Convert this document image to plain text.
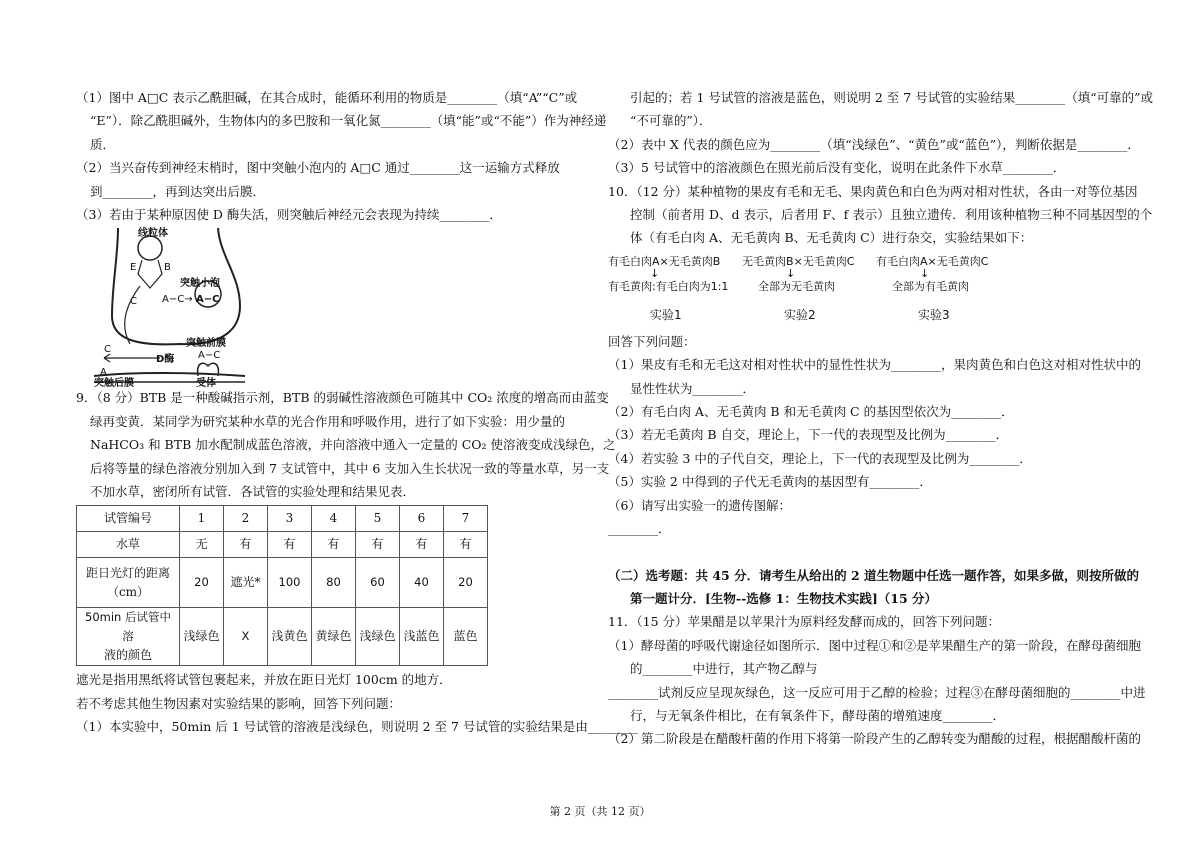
（1）图中 A□C 表示乙酰胆碱，在其合成时，能循环利用的物质是________（填“A”“C”或

“E”）．除乙酰胆碱外，生物体内的多巴胺和一氧化氮________（填“能”或“不能”）作为神经递

质．

（2）当兴奋传到神经末梢时，图中突触小泡内的 A□C 通过________这一运输方式释放

到________，再到达突出后膜．

（3）若由于某种原因使 D 酶失活，则突触后神经元会表现为持续________．

线粒体
E	B
突触小泡
C	A−C→ A−C
突触前膜
A−C
C
D酶
A
突触后膜	受体

9．（8 分）BTB 是一种酸碱指示剂，BTB 的弱碱性溶液颜色可随其中 CO₂ 浓度的增高而由蓝变

绿再变黄．某同学为研究某种水草的光合作用和呼吸作用，进行了如下实验：用少量的

NaHCO₃ 和 BTB 加水配制成蓝色溶液，并向溶液中通入一定量的 CO₂ 使溶液变成浅绿色，之

后将等量的绿色溶液分别加入到 7 支试管中，其中 6 支加入生长状况一致的等量水草，另一支

不加水草，密闭所有试管．各试管的实验处理和结果见表．

试管编号	1	2	3	4	5	6	7
水草	无	有	有	有	有	有	有

距日光灯的距离
（cm）	20	遮光*	100	80	60	40	20

50min 后试管中溶
液的颜色	浅绿色	X	浅黄色	黄绿色	浅绿色	浅蓝色	蓝色

遮光是指用黑纸将试管包裹起来，并放在距日光灯 100cm 的地方．

若不考虑其他生物因素对实验结果的影响，回答下列问题：

（1）本实验中，50min 后 1 号试管的溶液是浅绿色，则说明 2 至 7 号试管的实验结果是由________

引起的；若 1 号试管的溶液是蓝色，则说明 2 至 7 号试管的实验结果________（填“可靠的”或

“不可靠的”）．

（2）表中 X 代表的颜色应为________（填“浅绿色”、“黄色”或“蓝色”），判断依据是________．

（3）5 号试管中的溶液颜色在照光前后没有变化，说明在此条件下水草________．

10．（12 分）某种植物的果皮有毛和无毛、果肉黄色和白色为两对相对性状，各由一对等位基因

控制（前者用 D、d 表示，后者用 F、f 表示）且独立遗传．利用该种植物三种不同基因型的个

体（有毛白肉 A、无毛黄肉 B、无毛黄肉 C）进行杂交，实验结果如下：

有毛白肉A×无毛黄肉B
↓
有毛黄肉:有毛白肉为1:1
实验1
无毛黄肉B×无毛黄肉C
↓
全部为无毛黄肉
实验2
有毛白肉A×无毛黄肉C
↓
全部为有毛黄肉
实验3

回答下列问题：

（1）果皮有毛和无毛这对相对性状中的显性性状为________，果肉黄色和白色这对相对性状中的

显性性状为________．

（2）有毛白肉 A、无毛黄肉 B 和无毛黄肉 C 的基因型依次为________．

（3）若无毛黄肉 B 自交，理论上，下一代的表现型及比例为________．

（4）若实验 3 中的子代自交，理论上，下一代的表现型及比例为________．

（5）实验 2 中得到的子代无毛黄肉的基因型有________．

（6）请写出实验一的遗传图解：

________．

（二）选考题：共 45 分．请考生从给出的 2 道生物题中任选一题作答，如果多做，则按所做的

第一题计分．[生物--选修 1：生物技术实践]（15 分）

11．（15 分）苹果醋是以苹果汁为原料经发酵而成的，回答下列问题：

（1）酵母菌的呼吸代谢途径如图所示．图中过程①和②是苹果醋生产的第一阶段，在酵母菌细胞

的________中进行，其产物乙醇与

________试剂反应呈现灰绿色，这一反应可用于乙醇的检验；过程③在酵母菌细胞的________中进

行，与无氧条件相比，在有氧条件下，酵母菌的增殖速度________．

（2）第二阶段是在醋酸杆菌的作用下将第一阶段产生的乙醇转变为醋酸的过程，根据醋酸杆菌的

第 2 页（共 12 页）
